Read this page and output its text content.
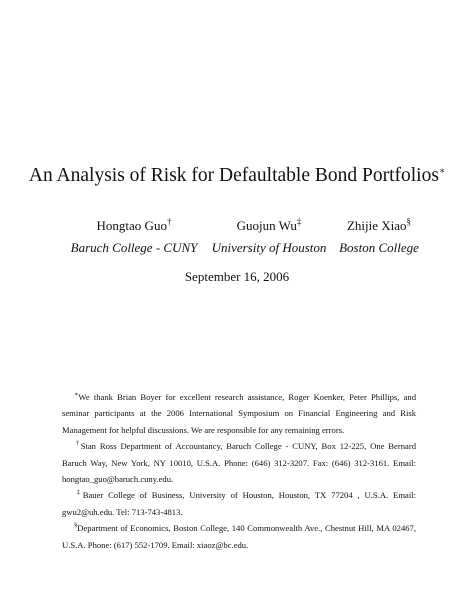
An Analysis of Risk for Defaultable Bond Portfolios∗
Hongtao Guo†
Baruch College - CUNY
Guojun Wu‡
University of Houston
Zhijie Xiao§
Boston College
September 16, 2006

∗We thank Brian Boyer for excellent research assistance, Roger Koenker, Peter Phillips, and seminar participants at the 2006 International Symposium on Financial Engineering and Risk Management for helpful discussions. We are responsible for any remaining errors.

†Stan Ross Department of Accountancy, Baruch College - CUNY, Box 12-225, One Bernard Baruch Way, New York, NY 10010, U.S.A. Phone: (646) 312-3207. Fax: (646) 312-3161. Email: hongtao_guo@baruch.cuny.edu.

‡Bauer College of Business, University of Houston, Houston, TX 77204 , U.S.A. Email: gwu2@uh.edu. Tel: 713-743-4813.

§Department of Economics, Boston College, 140 Commonwealth Ave., Chestnut Hill, MA 02467, U.S.A. Phone: (617) 552-1709. Email: xiaoz@bc.edu.
